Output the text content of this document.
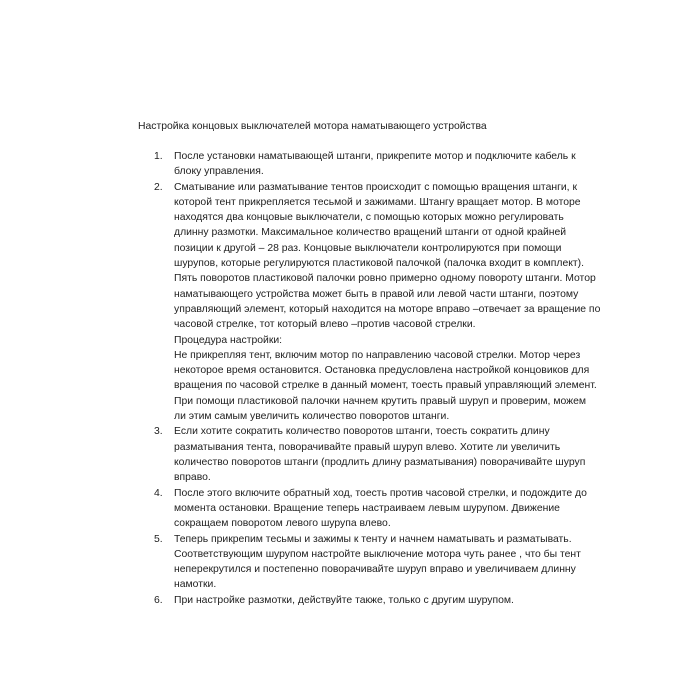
Настройка концовых выключателей мотора наматывающего устройства
1. После установки наматывающей штанги, прикрепите мотор и подключите кабель к
блоку управления.
2. Сматывание или разматывание тентов происходит с помощью вращения штанги, к
которой тент прикрепляется тесьмой и зажимами. Штангу вращает мотор. В моторе
находятся два концовые выключатели, с помощью которых можно регулировать
длинну размотки. Максимальное количество вращений штанги от одной крайней
позиции к другой – 28 раз. Концовые выключатели контролируются при помощи
шурупов, которые регулируются пластиковой палочкой (палочка входит в комплект).
Пять поворотов пластиковой палочки ровно примерно одному повороту штанги. Мотор
наматывающего устройства может быть в правой или левой части штанги, поэтому
управляющий элемент, который находится на моторе вправо –отвечает за вращение по
часовой стрелке, тот который влево –против часовой стрелки.
Процедура настройки:
Не прикрепляя тент, включим мотор по направлению часовой стрелки. Мотор через
некоторое время остановится. Остановка предусловлена настройкой концовиков для
вращения по часовой стрелке в данный момент, тоесть правый управляющий элемент.
При помощи пластиковой палочки начнем крутить правый шуруп и проверим, можем
ли этим самым увеличить количество поворотов штанги.
3. Если хотите сократить количество поворотов штанги, тоесть сократить длину
разматывания тента, поворачивайте правый шуруп влево. Хотите ли увеличить
количество поворотов штанги (продлить длину разматывания) поворачивайте шуруп
вправо.
4. После этого включите обратный ход, тоесть против часовой стрелки, и подождите до
момента остановки. Вращение теперь настраиваем левым шурупом. Движение
сокращаем поворотом левого шурупа влево.
5. Теперь прикрепим тесьмы и зажимы к тенту и начнем наматывать и разматывать.
Соответствующим шурупом настройте выключение мотора чуть ранее , что бы тент
неперекрутился и постепенно поворачивайте шуруп вправо и увеличиваем длинну
намотки.
6. При настройке размотки, действуйте также, только с другим шурупом.
